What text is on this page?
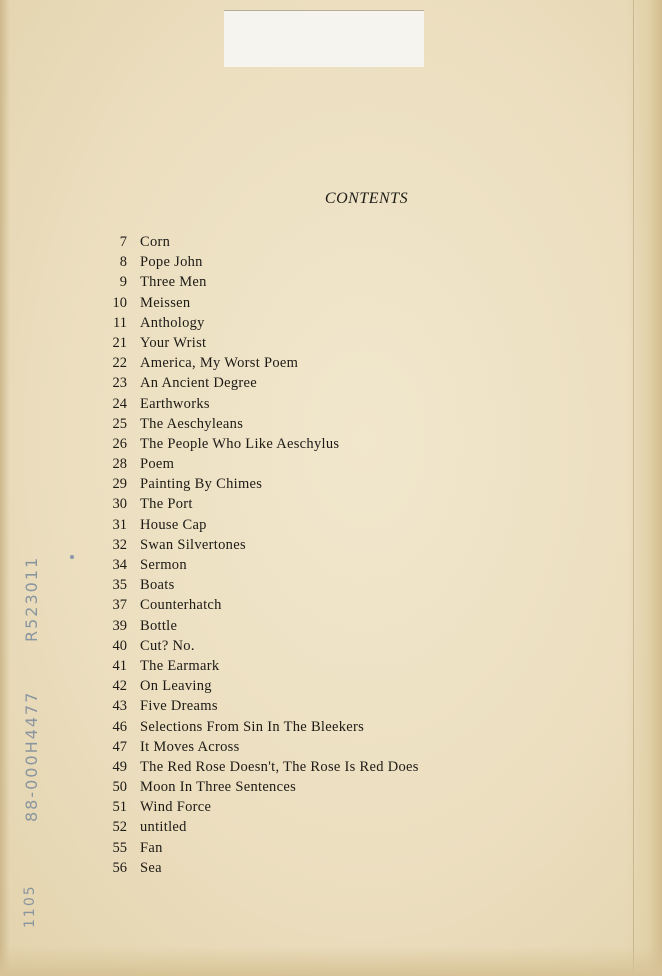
CONTENTS
7 Corn
8 Pope John
9 Three Men
10 Meissen
11 Anthology
21 Your Wrist
22 America, My Worst Poem
23 An Ancient Degree
24 Earthworks
25 The Aeschyleans
26 The People Who Like Aeschylus
28 Poem
29 Painting By Chimes
30 The Port
31 House Cap
32 Swan Silvertones
34 Sermon
35 Boats
37 Counterhatch
39 Bottle
40 Cut? No.
41 The Earmark
42 On Leaving
43 Five Dreams
46 Selections From Sin In The Bleekers
47 It Moves Across
49 The Red Rose Doesn't, The Rose Is Red Does
50 Moon In Three Sentences
51 Wind Force
52 untitled
55 Fan
56 Sea
R523011
88-000H4477
1105
